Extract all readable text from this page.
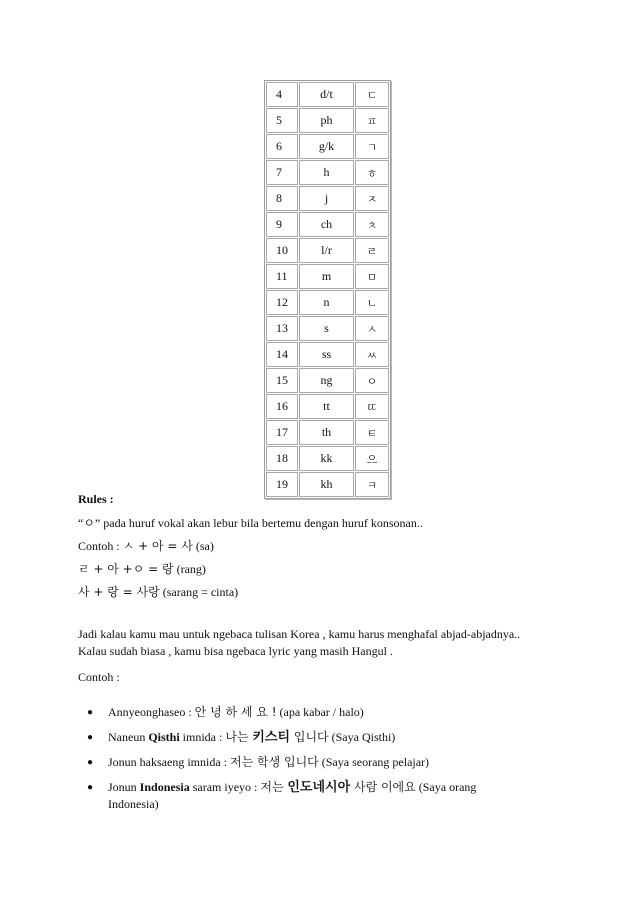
4	d/t	ㄷ
5	ph	ㅍ
6	g/k	ㄱ
7	h	ㅎ
8	j	ㅈ
9	ch	ㅊ
10	l/r	ㄹ
11	m	ㅁ
12	n	ㄴ
13	s	ㅅ
14	ss	ㅆ
15	ng	ㅇ
16	tt	ㄸ
17	th	ㅌ
18	kk	으
19	kh	ㅋ
Rules :
“ㅇ” pada huruf vokal akan lebur bila bertemu dengan huruf konsonan..
Contoh : ㅅ + 아 = 사 (sa)
ㄹ + 아 +ㅇ = 랑 (rang)
사 + 랑 = 사랑 (sarang = cinta)
Jadi kalau kamu mau untuk ngebaca tulisan Korea , kamu harus menghafal abjad-abjadnya..
Kalau sudah biasa , kamu bisa ngebaca lyric yang masih Hangul .
Contoh :
● Annyeonghaseo : 안 녕 하 세 요 ! (apa kabar / halo)
● Naneun Qisthi imnida : 나는 키스티 입니다 (Saya Qisthi)
● Jonun haksaeng imnida : 저는 학생 입니다 (Saya seorang pelajar)
● Jonun Indonesia saram iyeyo : 저는 인도네시아 사람 이에요 (Saya orang
Indonesia)
